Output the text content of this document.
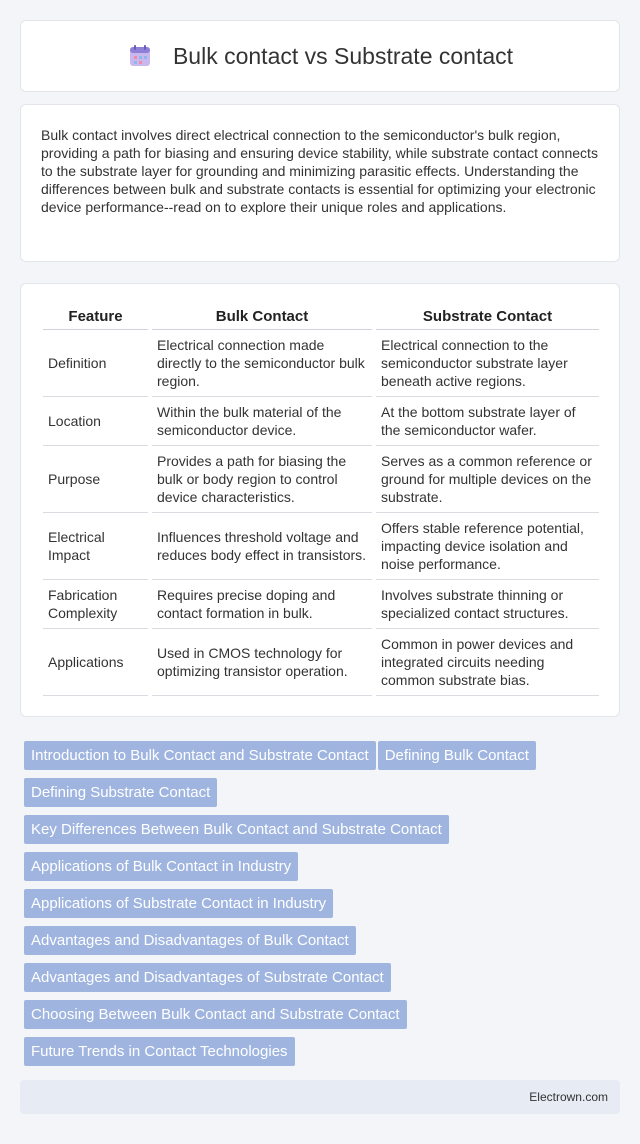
Bulk contact vs Substrate contact

Bulk contact involves direct electrical connection to the semiconductor's bulk region, providing a path for biasing and ensuring device stability, while substrate contact connects to the substrate layer for grounding and minimizing parasitic effects. Understanding the differences between bulk and substrate contacts is essential for optimizing your electronic device performance--read on to explore their unique roles and applications.

Feature	Bulk Contact	Substrate Contact
Definition	Electrical connection made directly to the semiconductor bulk region.	Electrical connection to the semiconductor substrate layer beneath active regions.
Location	Within the bulk material of the semiconductor device.	At the bottom substrate layer of the semiconductor wafer.
Purpose	Provides a path for biasing the bulk or body region to control device characteristics.	Serves as a common reference or ground for multiple devices on the substrate.
Electrical Impact	Influences threshold voltage and reduces body effect in transistors.	Offers stable reference potential, impacting device isolation and noise performance.
Fabrication Complexity	Requires precise doping and contact formation in bulk.	Involves substrate thinning or specialized contact structures.
Applications	Used in CMOS technology for optimizing transistor operation.	Common in power devices and integrated circuits needing common substrate bias.
Introduction to Bulk Contact and Substrate Contact Defining Bulk Contact
Defining Substrate Contact
Key Differences Between Bulk Contact and Substrate Contact
Applications of Bulk Contact in Industry
Applications of Substrate Contact in Industry
Advantages and Disadvantages of Bulk Contact
Advantages and Disadvantages of Substrate Contact
Choosing Between Bulk Contact and Substrate Contact
Future Trends in Contact Technologies
Electrown.com
